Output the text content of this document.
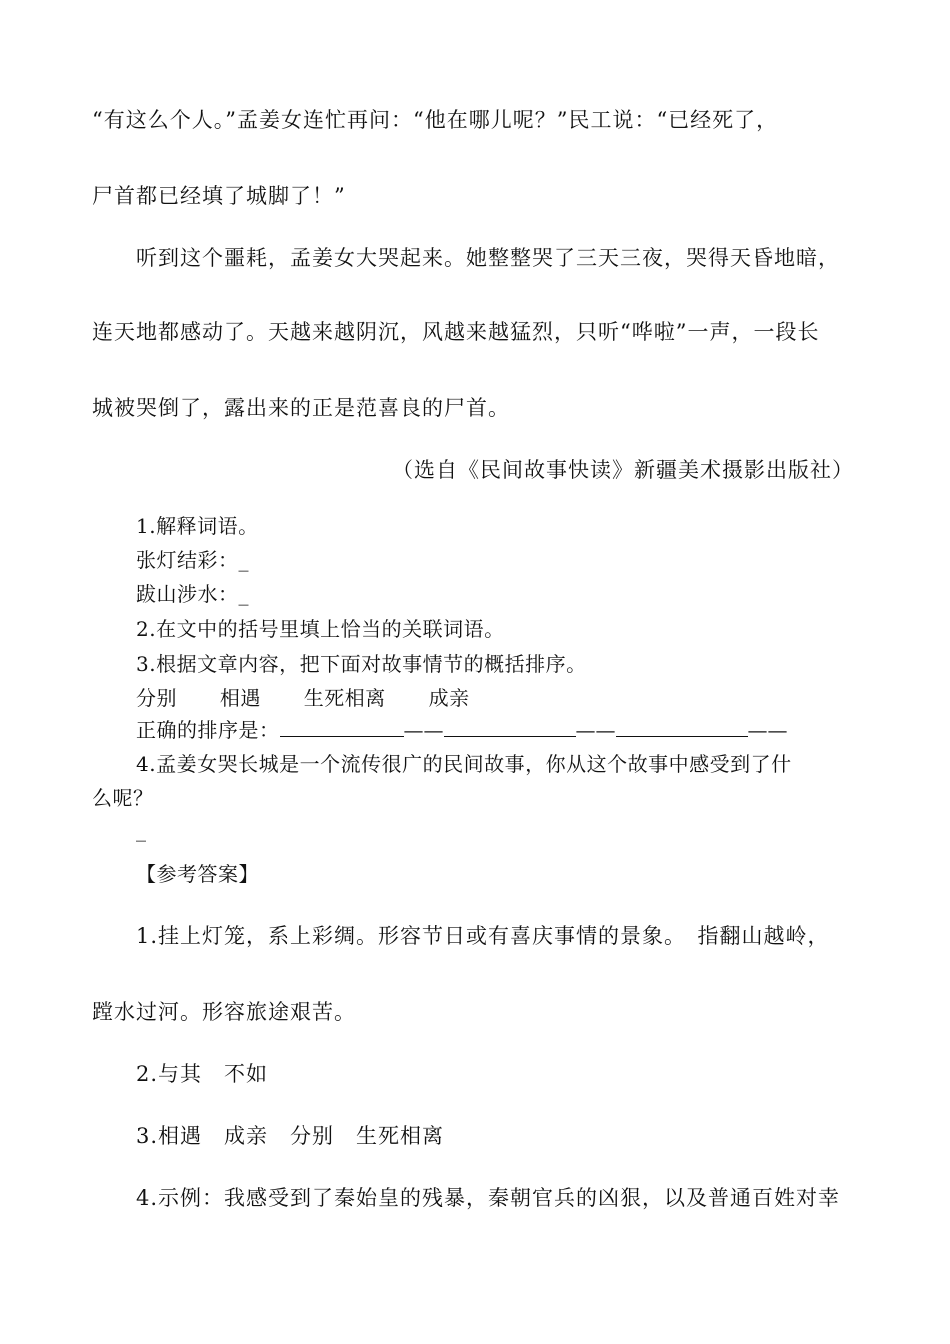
“有这么个人。”孟姜女连忙再问：“他在哪儿呢？”民工说：“已经死了，
尸首都已经填了城脚了！”
听到这个噩耗，孟姜女大哭起来。她整整哭了三天三夜，哭得天昏地暗，
连天地都感动了。天越来越阴沉，风越来越猛烈，只听“哗啦”一声，一段长
城被哭倒了，露出来的正是范喜良的尸首。
（选自《民间故事快读》新疆美术摄影出版社）
1.解释词语。
张灯结彩：_
跋山涉水：_
2.在文中的括号里填上恰当的关联词语。
3.根据文章内容，把下面对故事情节的概括排序。
分别 相遇 生死相离 成亲
正确的排序是：	——	——	——
4.孟姜女哭长城是一个流传很广的民间故事，你从这个故事中感受到了什
么呢？
_
【参考答案】
1.挂上灯笼，系上彩绸。形容节日或有喜庆事情的景象。　指翻山越岭，
蹚水过河。形容旅途艰苦。
2.与其　不如
3.相遇　成亲　分别　生死相离
4.示例：我感受到了秦始皇的残暴，秦朝官兵的凶狠，以及普通百姓对幸
